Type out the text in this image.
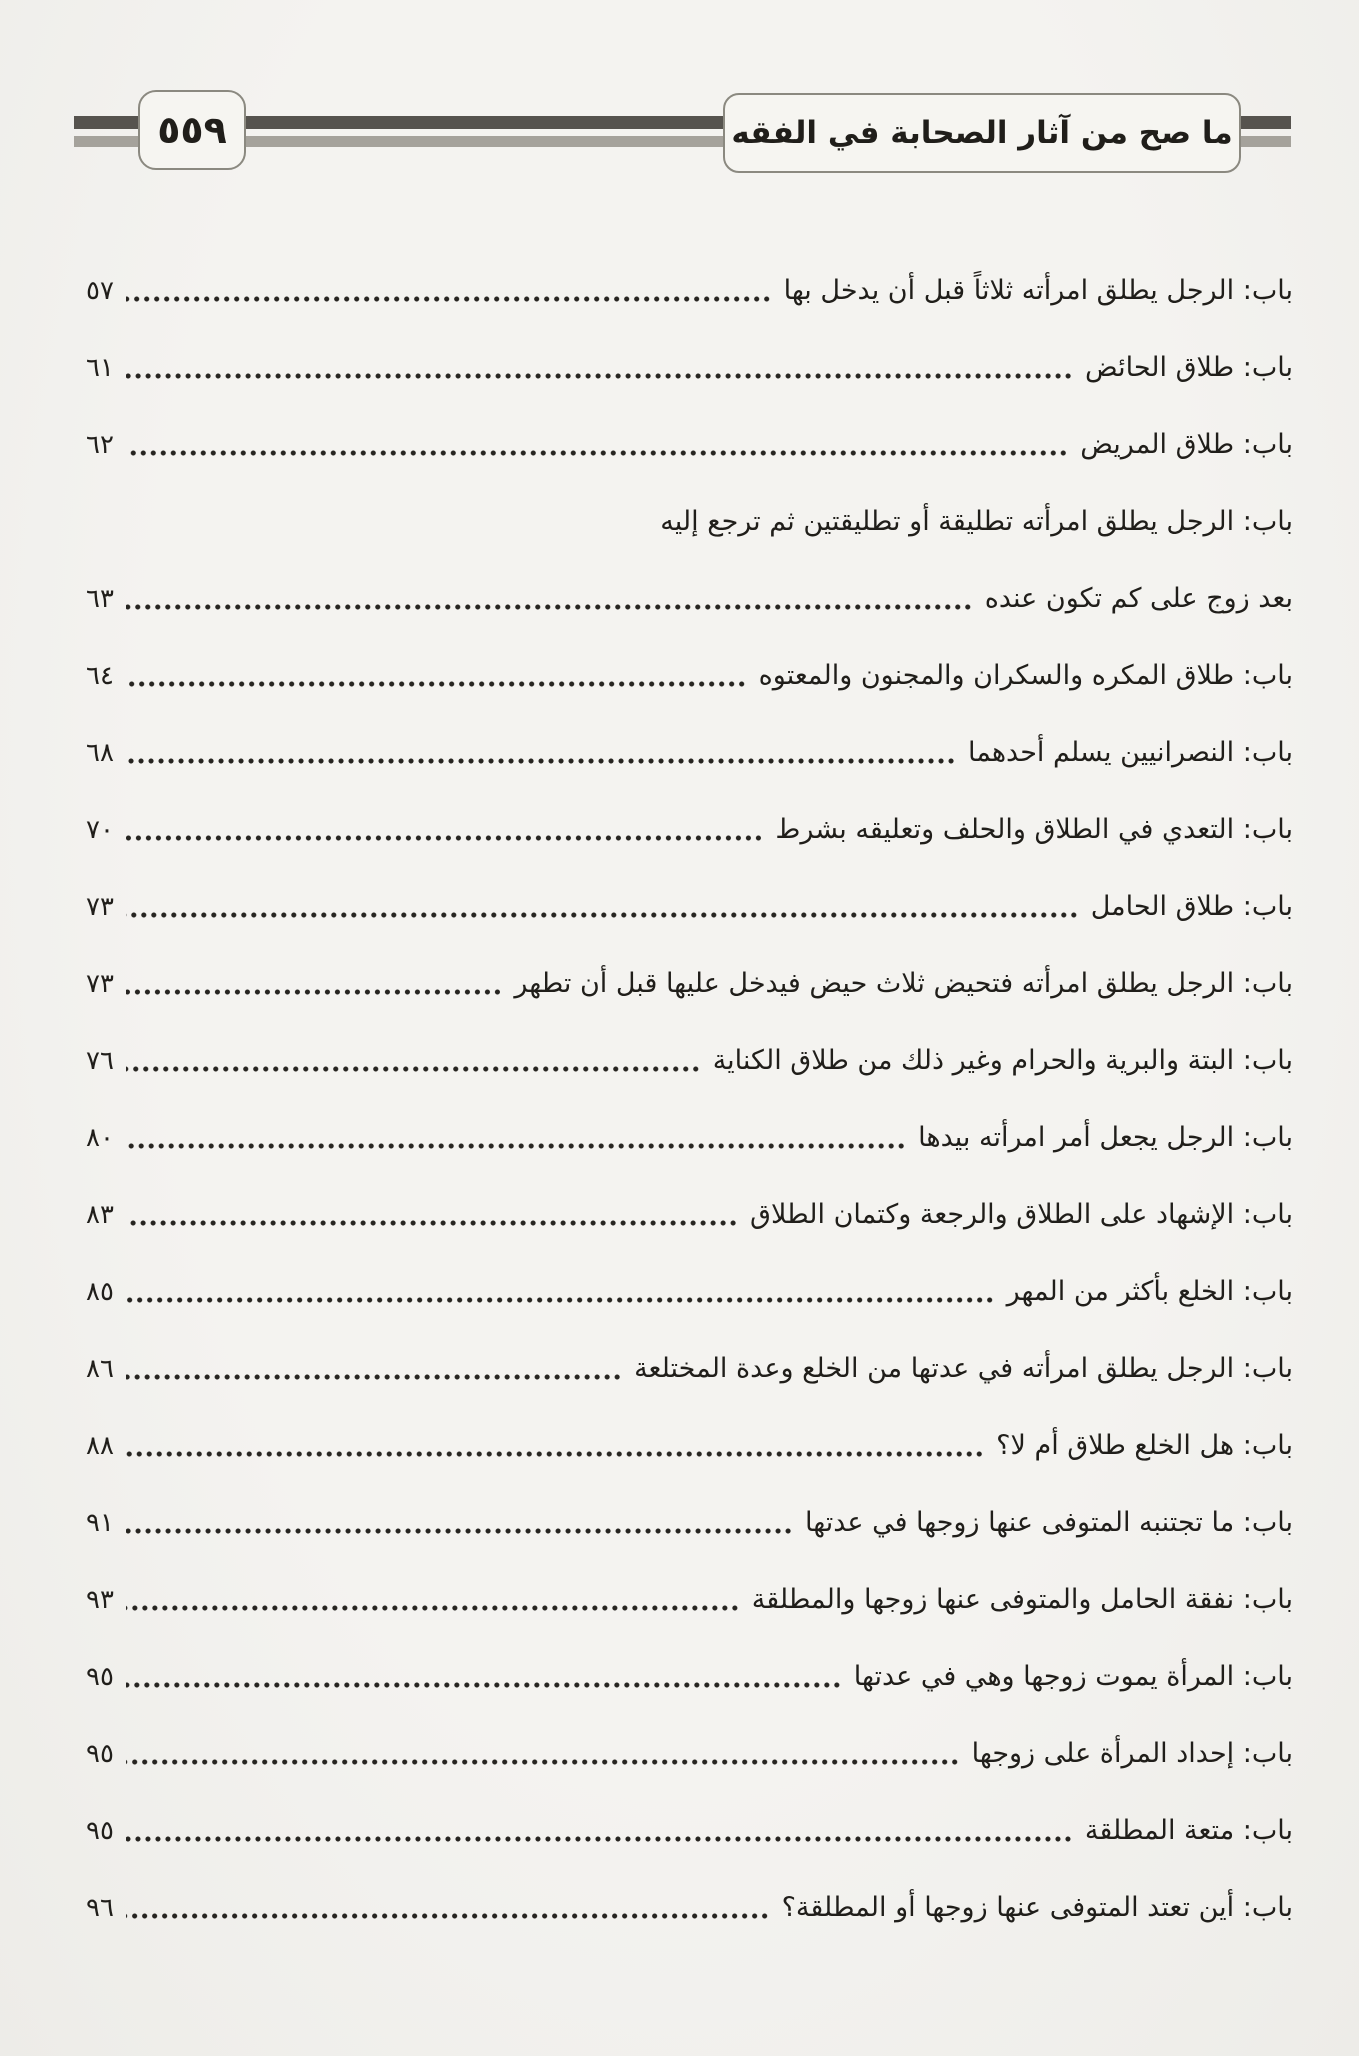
٥٥٩	ما صح من آثار الصحابة في الفقه
باب: الرجل يطلق امرأته ثلاثاً قبل أن يدخل بها
٥٧
باب: طلاق الحائض
٦١
باب: طلاق المريض
٦٢
باب: الرجل يطلق امرأته تطليقة أو تطليقتين ثم ترجع إليه
بعد زوج على كم تكون عنده
٦٣
باب: طلاق المكره والسكران والمجنون والمعتوه
٦٤
باب: النصرانيين يسلم أحدهما
٦٨
باب: التعدي في الطلاق والحلف وتعليقه بشرط
٧٠
باب: طلاق الحامل
٧٣
باب: الرجل يطلق امرأته فتحيض ثلاث حيض فيدخل عليها قبل أن تطهر
٧٣
باب: البتة والبرية والحرام وغير ذلك من طلاق الكناية
٧٦
باب: الرجل يجعل أمر امرأته بيدها
٨٠
باب: الإشهاد على الطلاق والرجعة وكتمان الطلاق
٨٣
باب: الخلع بأكثر من المهر
٨٥
باب: الرجل يطلق امرأته في عدتها من الخلع وعدة المختلعة
٨٦
باب: هل الخلع طلاق أم لا؟
٨٨
باب: ما تجتنبه المتوفى عنها زوجها في عدتها
٩١
باب: نفقة الحامل والمتوفى عنها زوجها والمطلقة
٩٣
باب: المرأة يموت زوجها وهي في عدتها
٩٥
باب: إحداد المرأة على زوجها
٩٥
باب: متعة المطلقة
٩٥
باب: أين تعتد المتوفى عنها زوجها أو المطلقة؟
٩٦
